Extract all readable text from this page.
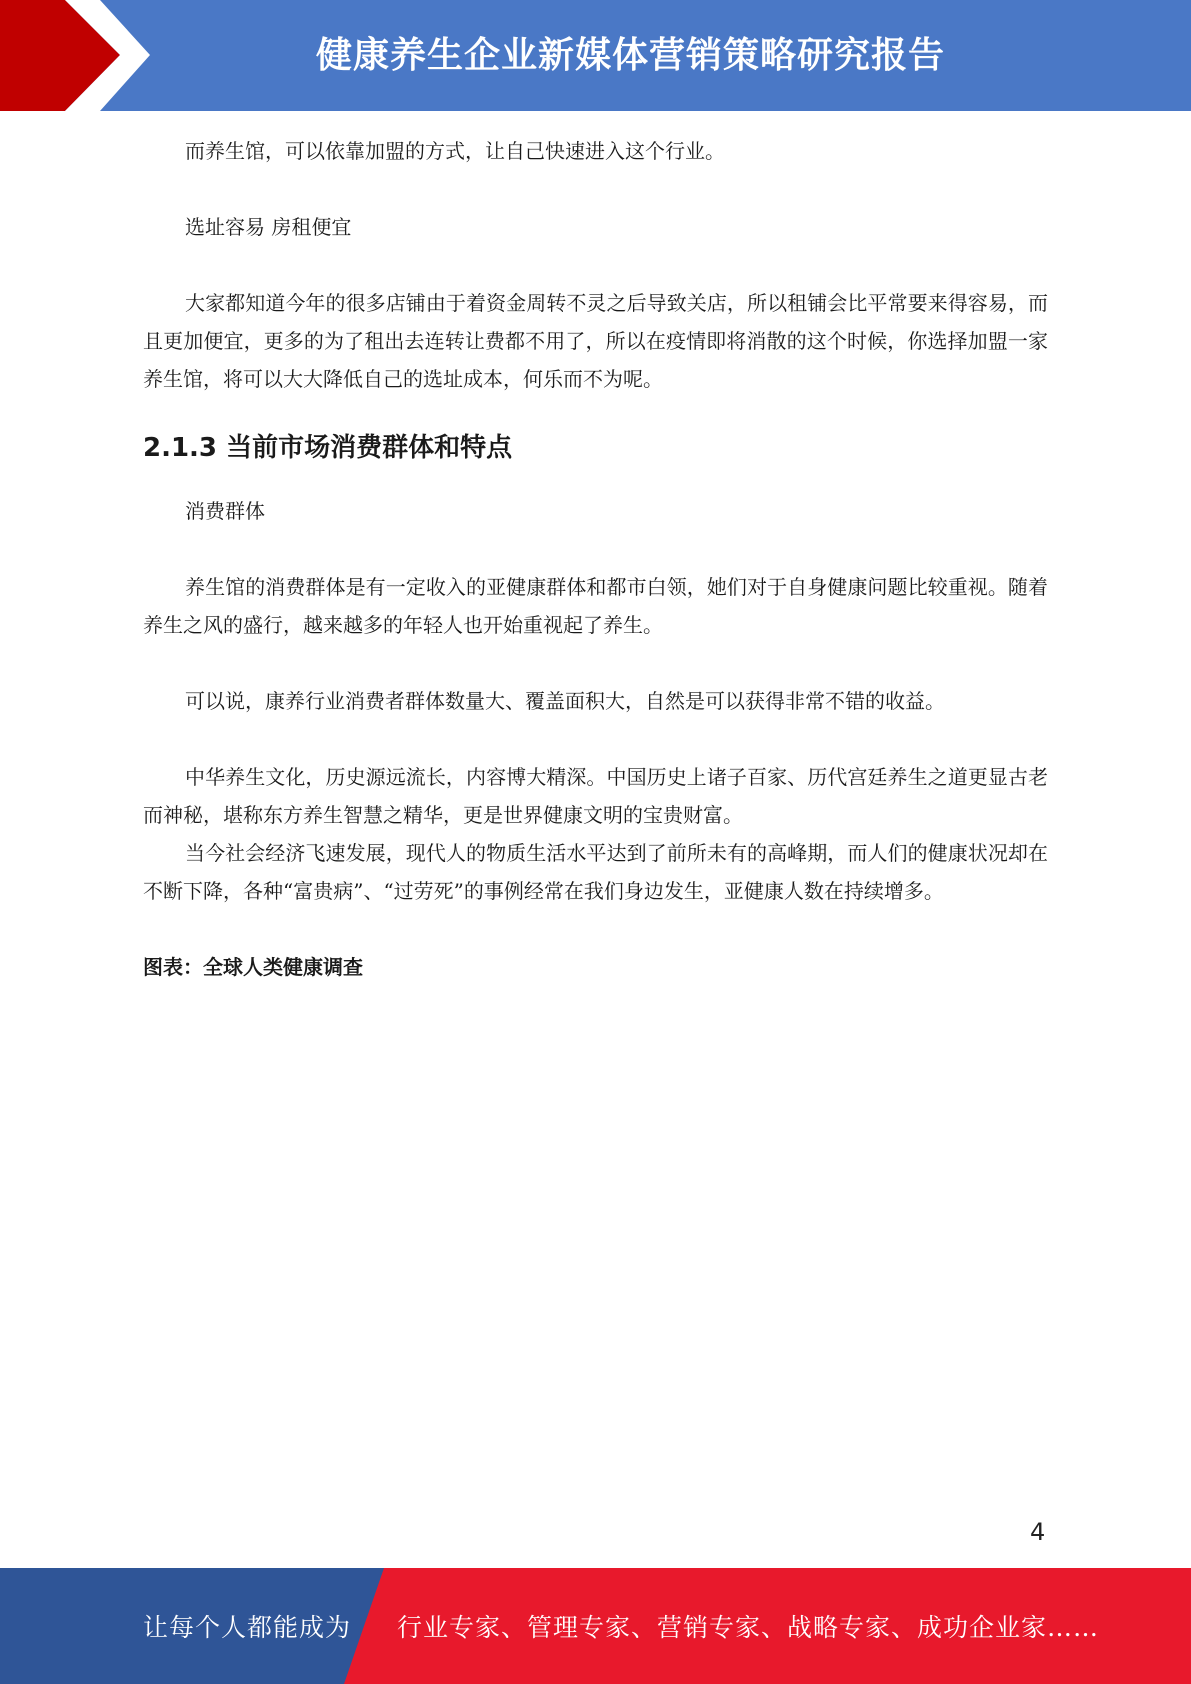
健康养生企业新媒体营销策略研究报告

而养生馆，可以依靠加盟的方式，让自己快速进入这个行业。

选址容易 房租便宜

大家都知道今年的很多店铺由于着资金周转不灵之后导致关店，所以租铺会比平常要来得容易，而且更加便宜，更多的为了租出去连转让费都不用了，所以在疫情即将消散的这个时候，你选择加盟一家养生馆，将可以大大降低自己的选址成本，何乐而不为呢。

2.1.3 当前市场消费群体和特点

消费群体

养生馆的消费群体是有一定收入的亚健康群体和都市白领，她们对于自身健康问题比较重视。随着养生之风的盛行，越来越多的年轻人也开始重视起了养生。

可以说，康养行业消费者群体数量大、覆盖面积大，自然是可以获得非常不错的收益。

中华养生文化，历史源远流长，内容博大精深。中国历史上诸子百家、历代宫廷养生之道更显古老而神秘，堪称东方养生智慧之精华，更是世界健康文明的宝贵财富。

当今社会经济飞速发展，现代人的物质生活水平达到了前所未有的高峰期，而人们的健康状况却在不断下降，各种“富贵病”、“过劳死”的事例经常在我们身边发生，亚健康人数在持续增多。

图表：全球人类健康调查

4
让每个人都能成为 行业专家、管理专家、营销专家、战略专家、成功企业家……
